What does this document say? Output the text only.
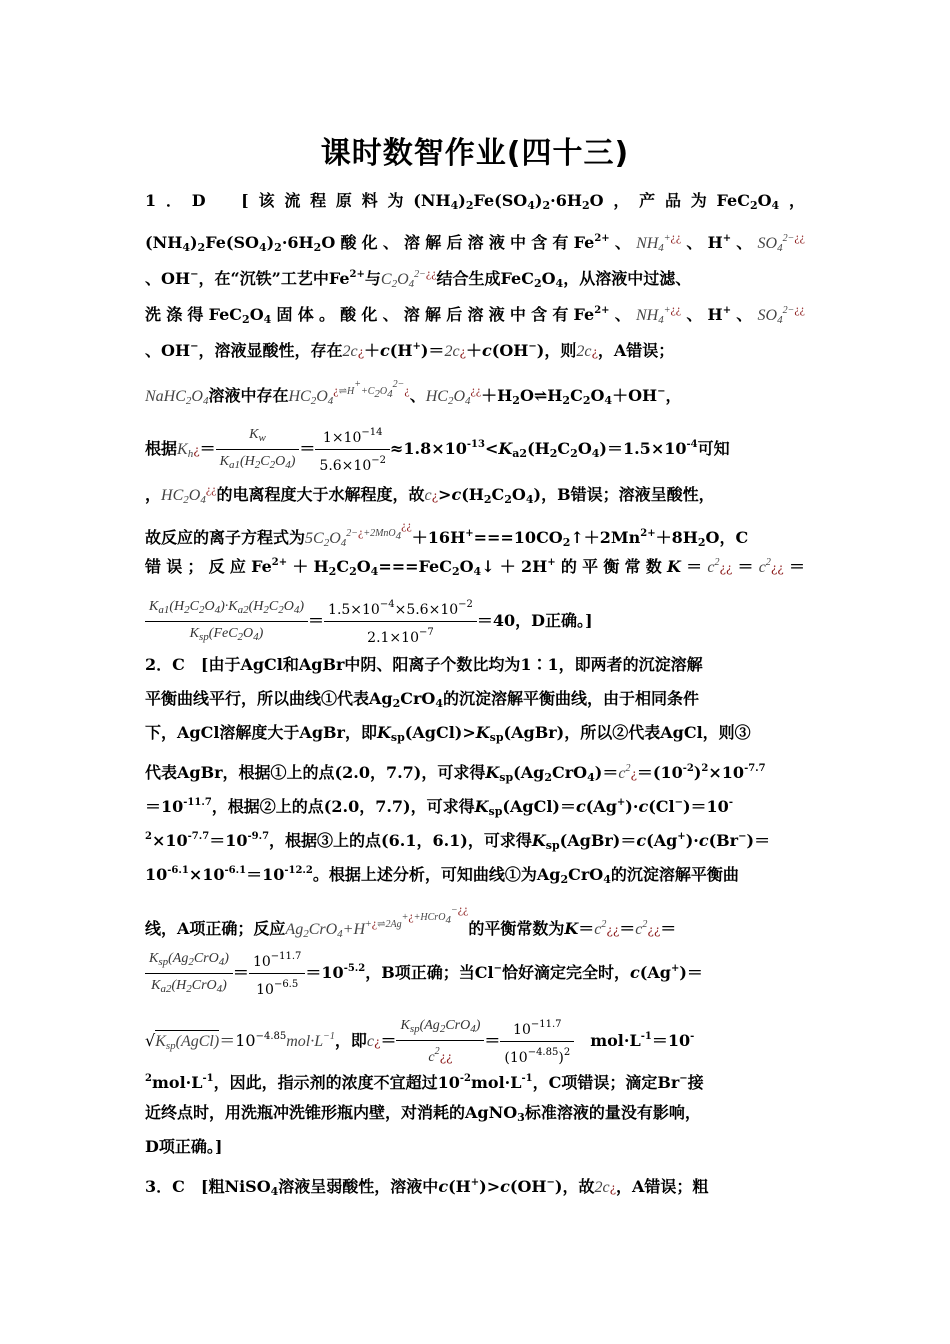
课时数智作业(四十三)
1．D　[该流程原料为$(NH_4)_2Fe(SO_4)_2\cdot 6H_2O$，产品为$FeC_2O_4$，
$(NH_4)_2Fe(SO_4)_2\cdot 6H_2O$酸化、溶解后溶液中含有$Fe^{2+}$、$NH_4^{+¿¿}$、H+、$SO_4^{2-¿¿}$
、OH−，在“沉铁”工艺中$Fe^{2+}$与$C_2O_4^{2-¿¿}$结合生成$FeC_2O_4$，从溶液中过滤、
洗涤得$FeC_2O_4$固体。酸化、溶解后溶液中含有$Fe^{2+}$、$NH_4^{+¿¿}$、H+、$SO_4^{2-¿¿}$
、OH−，溶液显酸性，存在2c¿＋c(H+)＝2c¿＋c(OH−)，则2c¿，A错误；
$NaHC_2O_4$溶液中存在$HC_2O_4^{¿\rightleftharpoons H^++C_2O_4^{2-}¿}$、$HC_2O_4^{¿¿}+H_2O\rightleftharpoons H_2C_2O_4+OH^-$，
根据$K_h¿= \frac{K_w}{K_{a1}(H_2C_2O_4)} = \frac{1\times 10^{-14}}{5.6\times 10^{-2}} \approx 1.8\times 10^{-13}<K_{a2}(H_2C_2O_4)=1.5\times 10^{-4}$可知
，$HC_2O_4^{¿¿}$的电离程度大于水解程度，故$c¿>c(H_2C_2O_4)$，B错误；溶液呈酸性，
故反应的离子方程式为$5C_2O_4^{2-¿+2MnO_4^{¿¿}}+16H^+===10CO_2↑+2Mn^{2+}+8H_2O$，C
错误；反应$Fe^{2+}+H_2C_2O_4===FeC_2O_4↓+2H^+$的平衡常数$K=c^2¿¿=c^2¿¿=$
$\frac{K_{a1}(H_2C_2O_4)\cdot K_{a2}(H_2C_2O_4)}{K_{sp}(FeC_2O_4)} = \frac{1.5\times 10^{-4}\times 5.6\times 10^{-2}}{2.1\times 10^{-7}} =40$，D正确。]
2．C　[由于AgCl和AgBr中阴、阳离子个数比均为1∶1，即两者的沉淀溶解
平衡曲线平行，所以曲线①代表$Ag_2CrO_4$的沉淀溶解平衡曲线，由于相同条件
下，AgCl溶解度大于AgBr，即$K_{sp}(AgCl)>K_{sp}(AgBr)$，所以②代表AgCl，则③
代表AgBr，根据①上的点(2.0，7.7)，可求得$K_{sp}(Ag_2CrO_4)=c^2¿=(10^{-2})^2\times 10^{-7.7}$
$=10^{-11.7}$，根据②上的点(2.0，7.7)，可求得$K_{sp}(AgCl)=c(Ag^+)\cdot c(Cl^-)=10^-$
$^2\times 10^{-7.7}=10^{-9.7}$，根据③上的点(6.1，6.1)，可求得$K_{sp}(AgBr)=c(Ag^+)\cdot c(Br^-)=$
$10^{-6.1}\times 10^{-6.1}=10^{-12.2}$。根据上述分析，可知曲线①为$Ag_2CrO_4$的沉淀溶解平衡曲
线，A项正确；反应$Ag_2CrO_4+H^{+¿\rightleftharpoons 2Ag^{+¿+HCrO_4^{-¿¿}}}$的平衡常数为$K=c^2¿¿=c^2¿¿=$
$\frac{K_{sp}(Ag_2CrO_4)}{K_{a2}(H_2CrO_4)} = \frac{10^{-11.7}}{10^{-6.5}} =10^{-5.2}$，B项正确；当Cl−恰好滴定完全时，c(Ag+)＝
$√K_{sp}(AgCl)=10^{-4.85}mol\cdot L^{-1}$，即c¿＝ $\frac{K_{sp}(Ag_2CrO_4)}{c^2¿¿} = \frac{10^{-11.7}}{(10^{-4.85})^2}$ 　$mol\cdot L^{-1}=10^-$
$^2mol\cdot L^{-1}$，因此，指示剂的浓度不宜超过$10^{-2}mol\cdot L^{-1}$，C项错误；滴定Br−接
近终点时，用洗瓶冲洗锥形瓶内壁，对消耗的AgNO$_3$标准溶液的量没有影响，
D项正确。]
3．C　[粗NiSO$_4$溶液呈弱酸性，溶液中c(H+)>c(OH−)，故2c¿，A错误；粗
